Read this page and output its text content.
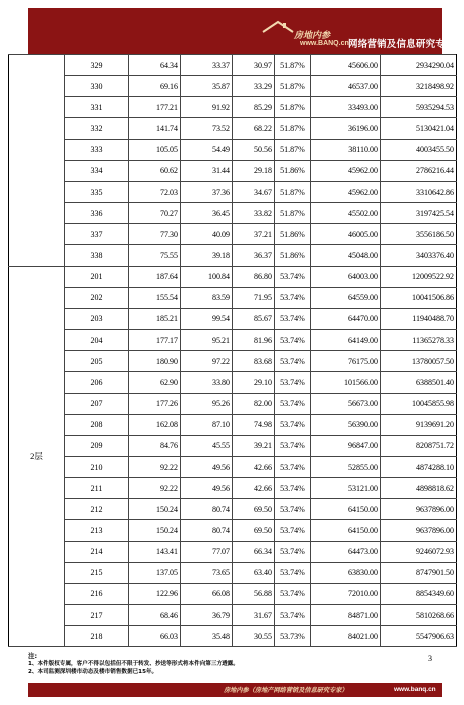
房地内参
www.BANQ.cn 网络营销及信息研究专家
	329	64.34	33.37	30.97	51.87%	45606.00	2934290.04
	330	69.16	35.87	33.29	51.87%	46537.00	3218498.92
	331	177.21	91.92	85.29	51.87%	33493.00	5935294.53
	332	141.74	73.52	68.22	51.87%	36196.00	5130421.04
	333	105.05	54.49	50.56	51.87%	38110.00	4003455.50
	334	60.62	31.44	29.18	51.86%	45962.00	2786216.44
	335	72.03	37.36	34.67	51.87%	45962.00	3310642.86
	336	70.27	36.45	33.82	51.87%	45502.00	3197425.54
	337	77.30	40.09	37.21	51.86%	46005.00	3556186.50
	338	75.55	39.18	36.37	51.86%	45048.00	3403376.40
2层	201	187.64	100.84	86.80	53.74%	64003.00	12009522.92
	202	155.54	83.59	71.95	53.74%	64559.00	10041506.86
	203	185.21	99.54	85.67	53.74%	64470.00	11940488.70
	204	177.17	95.21	81.96	53.74%	64149.00	11365278.33
	205	180.90	97.22	83.68	53.74%	76175.00	13780057.50
	206	62.90	33.80	29.10	53.74%	101566.00	6388501.40
	207	177.26	95.26	82.00	53.74%	56673.00	10045855.98
	208	162.08	87.10	74.98	53.74%	56390.00	9139691.20
	209	84.76	45.55	39.21	53.74%	96847.00	8208751.72
	210	92.22	49.56	42.66	53.74%	52855.00	4874288.10
	211	92.22	49.56	42.66	53.74%	53121.00	4898818.62
	212	150.24	80.74	69.50	53.74%	64150.00	9637896.00
	213	150.24	80.74	69.50	53.74%	64150.00	9637896.00
	214	143.41	77.07	66.34	53.74%	64473.00	9246072.93
	215	137.05	73.65	63.40	53.74%	63830.00	8747901.50
	216	122.96	66.08	56.88	53.74%	72010.00	8854349.60
	217	68.46	36.79	31.67	53.74%	84871.00	5810268.66
	218	66.03	35.48	30.55	53.73%	84021.00	5547906.63
注:
1、本件版权专属，客户不得以包括但不限于转发、抄送等形式将本件向第三方透露。
2、本司监测深圳楼市动态及楼市销售数据已15年。
3
房地内参（房地产网络营销及信息研究专家）	www.banq.cn
